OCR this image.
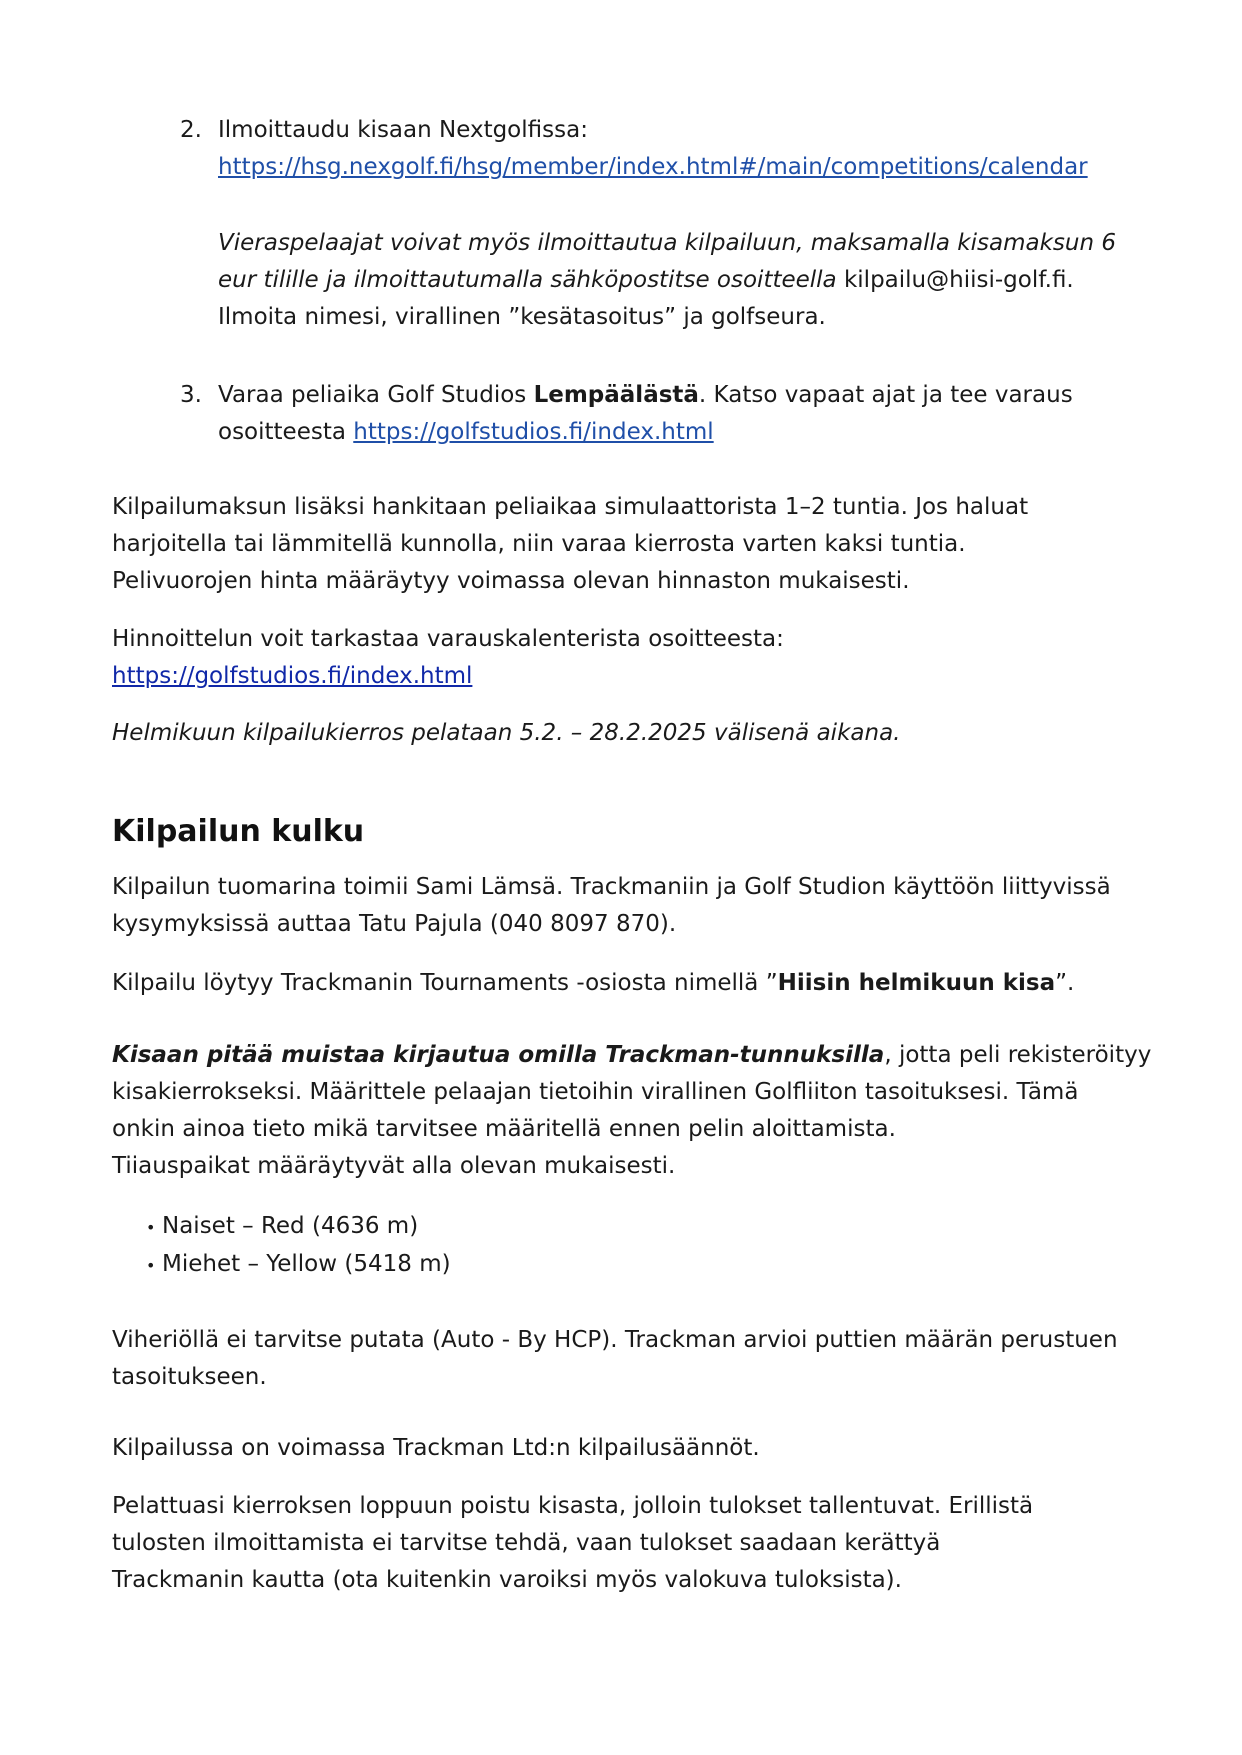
2. Ilmoittaudu kisaan Nextgolfissa:
https://hsg.nexgolf.fi/hsg/member/index.html#/main/competitions/calendar
Vieraspelaajat voivat myös ilmoittautua kilpailuun, maksamalla kisamaksun 6
eur tilille ja ilmoittautumalla sähköpostitse osoitteella kilpailu@hiisi-golf.fi.
Ilmoita nimesi, virallinen ”kesätasoitus” ja golfseura.
3. Varaa peliaika Golf Studios Lempäälästä. Katso vapaat ajat ja tee varaus
osoitteesta https://golfstudios.fi/index.html
Kilpailumaksun lisäksi hankitaan peliaikaa simulaattorista 1–2 tuntia. Jos haluat
harjoitella tai lämmitellä kunnolla, niin varaa kierrosta varten kaksi tuntia.
Pelivuorojen hinta määräytyy voimassa olevan hinnaston mukaisesti.
Hinnoittelun voit tarkastaa varauskalenterista osoitteesta:
https://golfstudios.fi/index.html
Helmikuun kilpailukierros pelataan 5.2. – 28.2.2025 välisenä aikana.
Kilpailun kulku
Kilpailun tuomarina toimii Sami Lämsä. Trackmaniin ja Golf Studion käyttöön liittyvissä
kysymyksissä auttaa Tatu Pajula (040 8097 870).
Kilpailu löytyy Trackmanin Tournaments -osiosta nimellä ”Hiisin helmikuun kisa”.
Kisaan pitää muistaa kirjautua omilla Trackman-tunnuksilla, jotta peli rekisteröityy
kisakierrokseksi. Määrittele pelaajan tietoihin virallinen Golfliiton tasoituksesi. Tämä
onkin ainoa tieto mikä tarvitsee määritellä ennen pelin aloittamista.
Tiiauspaikat määräytyvät alla olevan mukaisesti.
• Naiset – Red (4636 m)
• Miehet – Yellow (5418 m)
Viheriöllä ei tarvitse putata (Auto - By HCP). Trackman arvioi puttien määrän perustuen
tasoitukseen.
Kilpailussa on voimassa Trackman Ltd:n kilpailusäännöt.
Pelattuasi kierroksen loppuun poistu kisasta, jolloin tulokset tallentuvat. Erillistä
tulosten ilmoittamista ei tarvitse tehdä, vaan tulokset saadaan kerättyä
Trackmanin kautta (ota kuitenkin varoiksi myös valokuva tuloksista).
